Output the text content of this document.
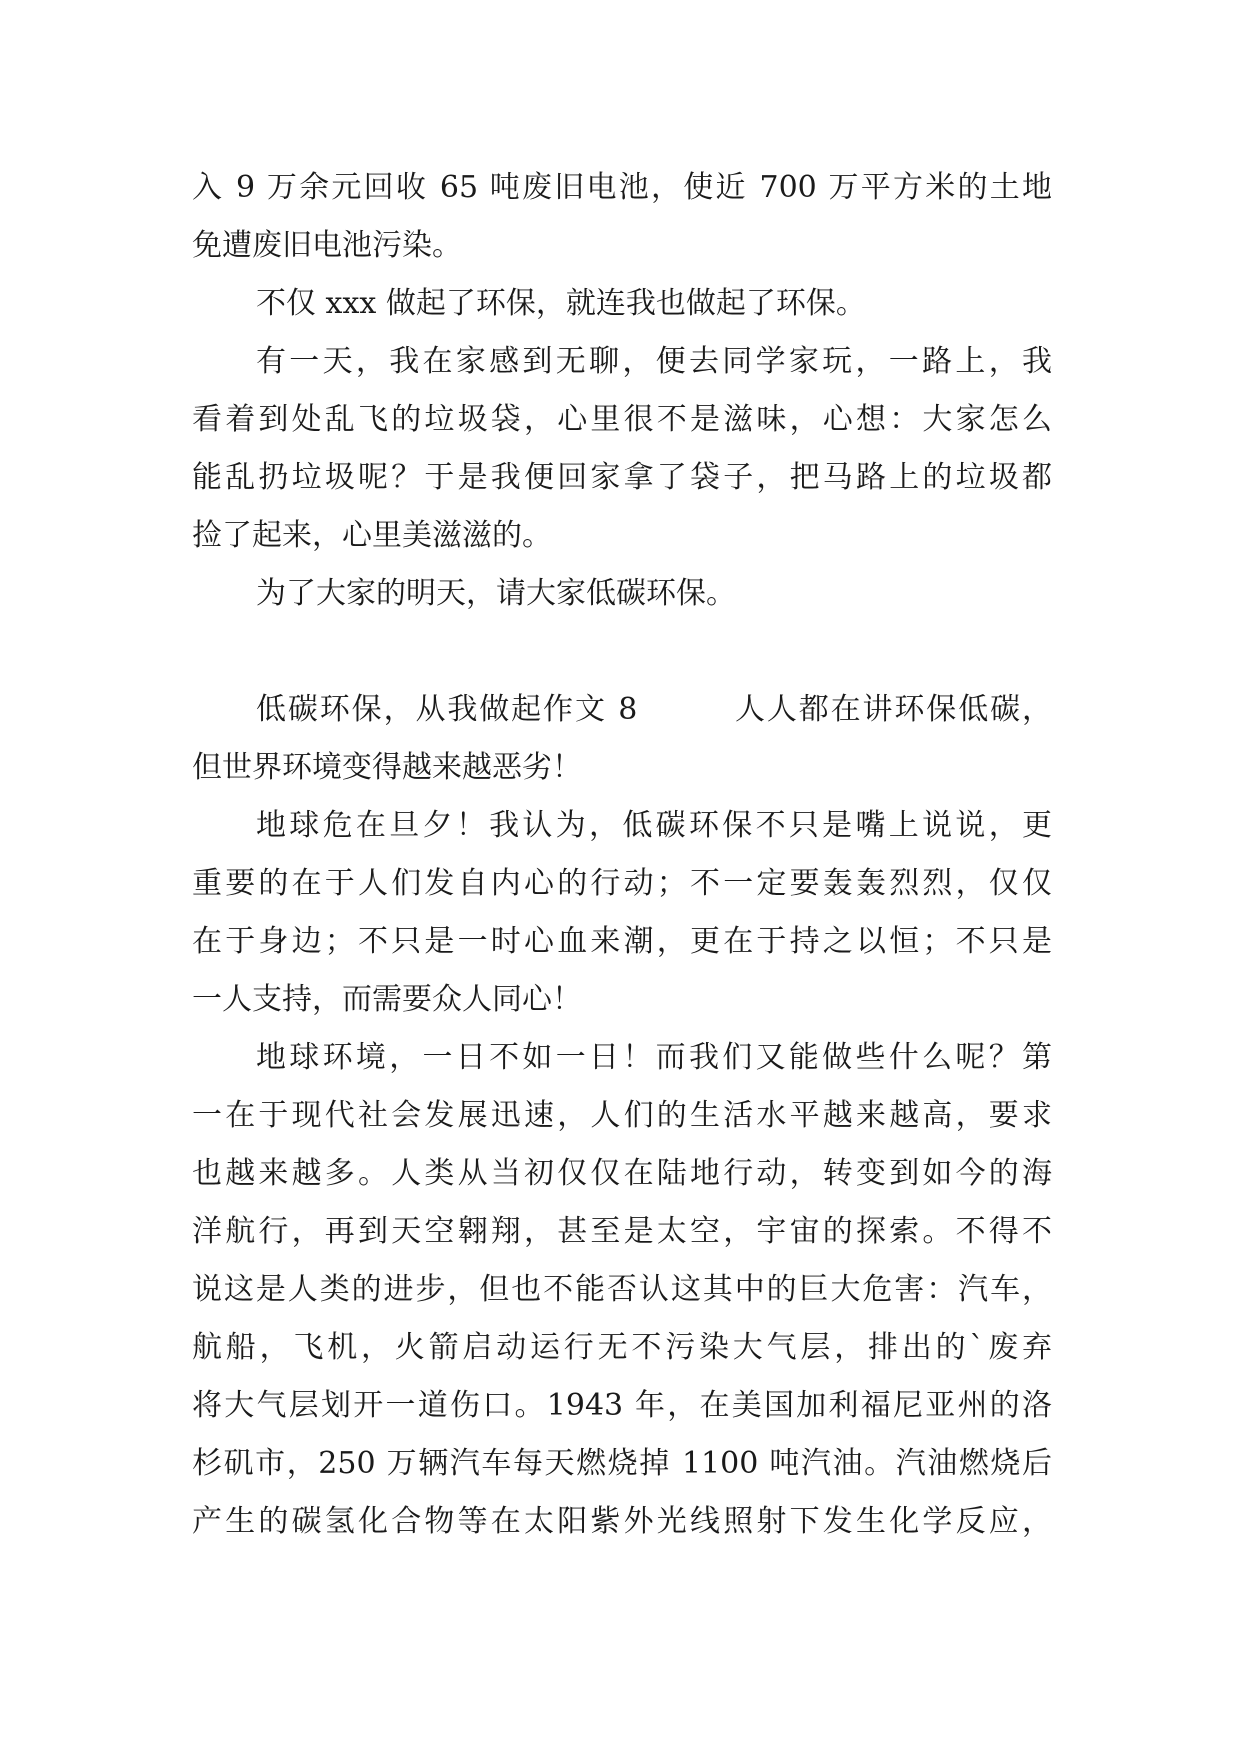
入 9 万余元回收 65 吨废旧电池，使近 700 万平方米的土地
免遭废旧电池污染。
不仅 xxx 做起了环保，就连我也做起了环保。
有一天，我在家感到无聊，便去同学家玩，一路上，我
看着到处乱飞的垃圾袋，心里很不是滋味，心想：大家怎么
能乱扔垃圾呢？于是我便回家拿了袋子，把马路上的垃圾都
捡了起来，心里美滋滋的。
为了大家的明天，请大家低碳环保。
低碳环保，从我做起作文 8　　　人人都在讲环保低碳，
但世界环境变得越来越恶劣！
地球危在旦夕！我认为，低碳环保不只是嘴上说说，更
重要的在于人们发自内心的行动；不一定要轰轰烈烈，仅仅
在于身边；不只是一时心血来潮，更在于持之以恒；不只是
一人支持，而需要众人同心！
地球环境，一日不如一日！而我们又能做些什么呢？第
一在于现代社会发展迅速，人们的生活水平越来越高，要求
也越来越多。人类从当初仅仅在陆地行动，转变到如今的海
洋航行，再到天空翱翔，甚至是太空，宇宙的探索。不得不
说这是人类的进步，但也不能否认这其中的巨大危害：汽车，
航船，飞机，火箭启动运行无不污染大气层，排出的`废弃
将大气层划开一道伤口。1943 年，在美国加利福尼亚州的洛
杉矶市，250 万辆汽车每天燃烧掉 1100 吨汽油。汽油燃烧后
产生的碳氢化合物等在太阳紫外光线照射下发生化学反应，
